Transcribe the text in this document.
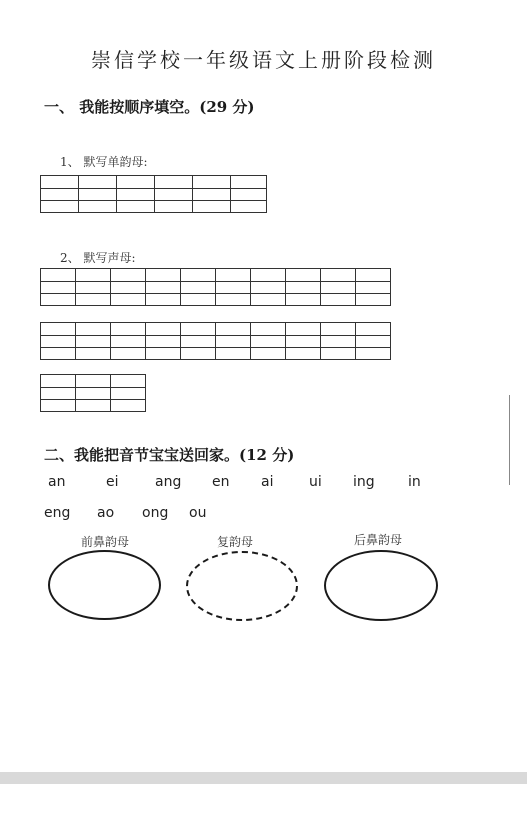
崇信学校一年级语文上册阶段检测
一、 我能按顺序填空。(29 分)
1、 默写单韵母:

2、 默写声母:

二、我能把音节宝宝送回家。(12 分)
an	ei	ang en ai	ui ing in
eng ao ong ou
前鼻韵母	复韵母	后鼻韵母
